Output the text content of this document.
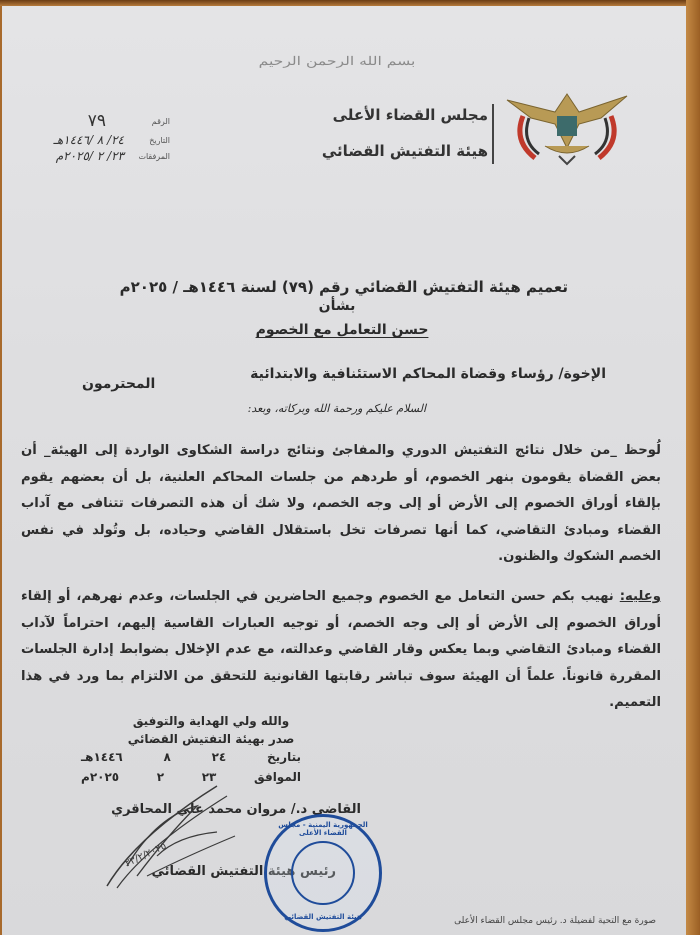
بسم الله الرحمن الرحيم
مجلس القضاء الأعلى
هيئة التفتيش القضائي
الرقم
٧٩
التاريخ
٢٤/ ٨ /١٤٤٦هـ
المرفقات
٢٣/ ٢ /٢٠٢٥م
تعميم هيئة التفتيش القضائي رقم (٧٩) لسنة ١٤٤٦هـ / ٢٠٢٥م
بشأن
حسن التعامل مع الخصوم
الإخوة/ رؤساء وقضاة المحاكم الاستئنافية والابتدائية
المحترمون
السلام عليكم ورحمة الله وبركاته، وبعد:
لُوحظ _من خلال نتائج التفتيش الدوري والمفاجئ ونتائج دراسة الشكاوى الواردة إلى الهيئة_ أن بعض القضاة يقومون بنهر الخصوم، أو طردهم من جلسات المحاكم العلنية، بل أن بعضهم يقوم بإلقاء أوراق الخصوم إلى الأرض أو إلى وجه الخصم، ولا شك أن هذه التصرفات تتنافى مع آداب القضاء ومبادئ التقاضي، كما أنها تصرفات تخل باستقلال القاضي وحياده، بل وتُولد في نفس الخصم الشكوك والظنون.
وعليه: نهيب بكم حسن التعامل مع الخصوم وجميع الحاضرين في الجلسات، وعدم نهرهم، أو إلقاء أوراق الخصوم إلى الأرض أو إلى وجه الخصم، أو توجيه العبارات القاسية إليهم، احتراماً لآداب القضاء ومبادئ التقاضي وبما يعكس وقار القاضي وعدالته، مع عدم الإخلال بضوابط إدارة الجلسات المقررة قانوناً. علماً أن الهيئة سوف تباشر رقابتها القانونية للتحقق من الالتزام بما ورد في هذا التعميم.
والله ولي الهداية والتوفيق
صدر بهيئة التفتيش القضائي
بتاريخ
٢٤
٨
١٤٤٦هـ
الموافق
٢٣
٢
٢٠٢٥م
القاضي د./ مروان محمد علي المحاقري
رئيس هيئة التفتيش القضائي
٢٣/٢/٢٠٢٥
الجمهورية اليمنية - مجلس القضاء الأعلى
هيئة التفتيش القضائي	صورة مع التحية لفضيلة د. رئيس مجلس القضاء الأعلى
